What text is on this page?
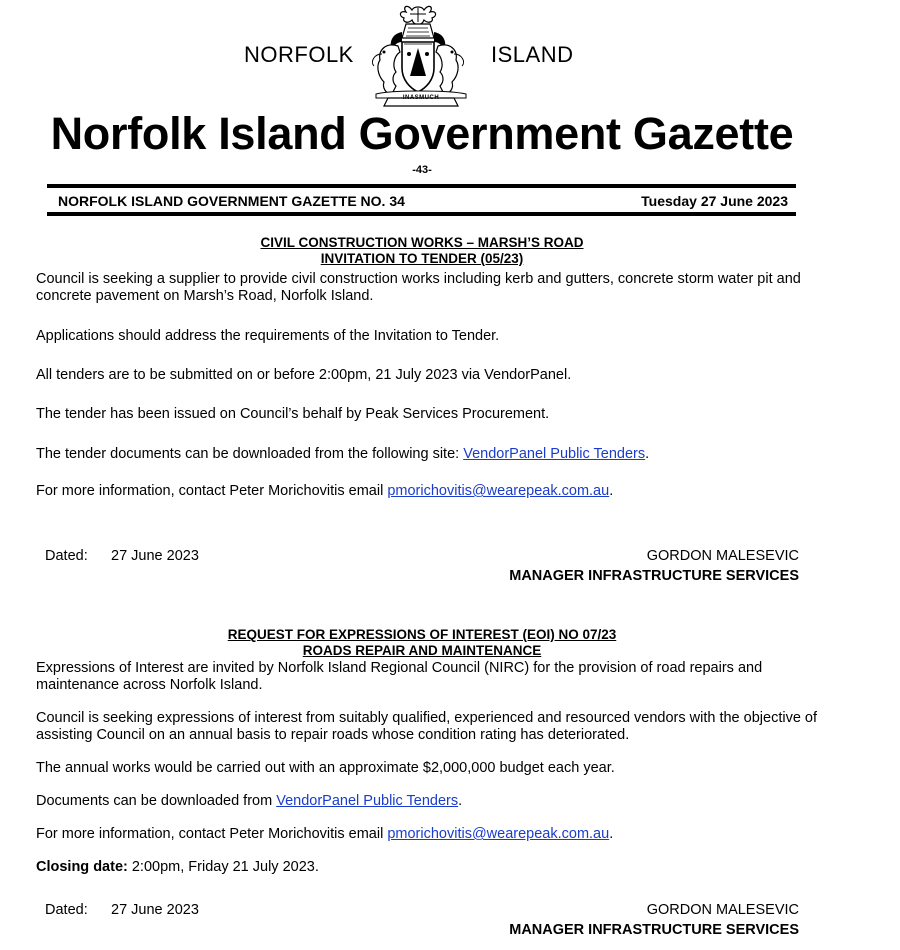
NORFOLK	ISLAND
INASMUCH
Norfolk Island Government Gazette
-43-
NORFOLK ISLAND GOVERNMENT GAZETTE NO. 34	Tuesday 27 June 2023
CIVIL CONSTRUCTION WORKS – MARSH’S ROAD
INVITATION TO TENDER (05/23)
Council is seeking a supplier to provide civil construction works including kerb and gutters, concrete storm water pit and concrete pavement on Marsh’s Road, Norfolk Island.
Applications should address the requirements of the Invitation to Tender.
All tenders are to be submitted on or before 2:00pm, 21 July 2023 via VendorPanel.
The tender has been issued on Council’s behalf by Peak Services Procurement.
The tender documents can be downloaded from the following site: VendorPanel Public Tenders.
For more information, contact Peter Morichovitis email pmorichovitis@wearepeak.com.au.
Dated: 27 June 2023	GORDON MALESEVIC
MANAGER INFRASTRUCTURE SERVICES
REQUEST FOR EXPRESSIONS OF INTEREST (EOI) NO 07/23
ROADS REPAIR AND MAINTENANCE
Expressions of Interest are invited by Norfolk Island Regional Council (NIRC) for the provision of road repairs and maintenance across Norfolk Island.
Council is seeking expressions of interest from suitably qualified, experienced and resourced vendors with the objective of assisting Council on an annual basis to repair roads whose condition rating has deteriorated.
The annual works would be carried out with an approximate $2,000,000 budget each year.
Documents can be downloaded from VendorPanel Public Tenders.
For more information, contact Peter Morichovitis email pmorichovitis@wearepeak.com.au.
Closing date: 2:00pm, Friday 21 July 2023.
Dated: 27 June 2023	GORDON MALESEVIC
MANAGER INFRASTRUCTURE SERVICES
